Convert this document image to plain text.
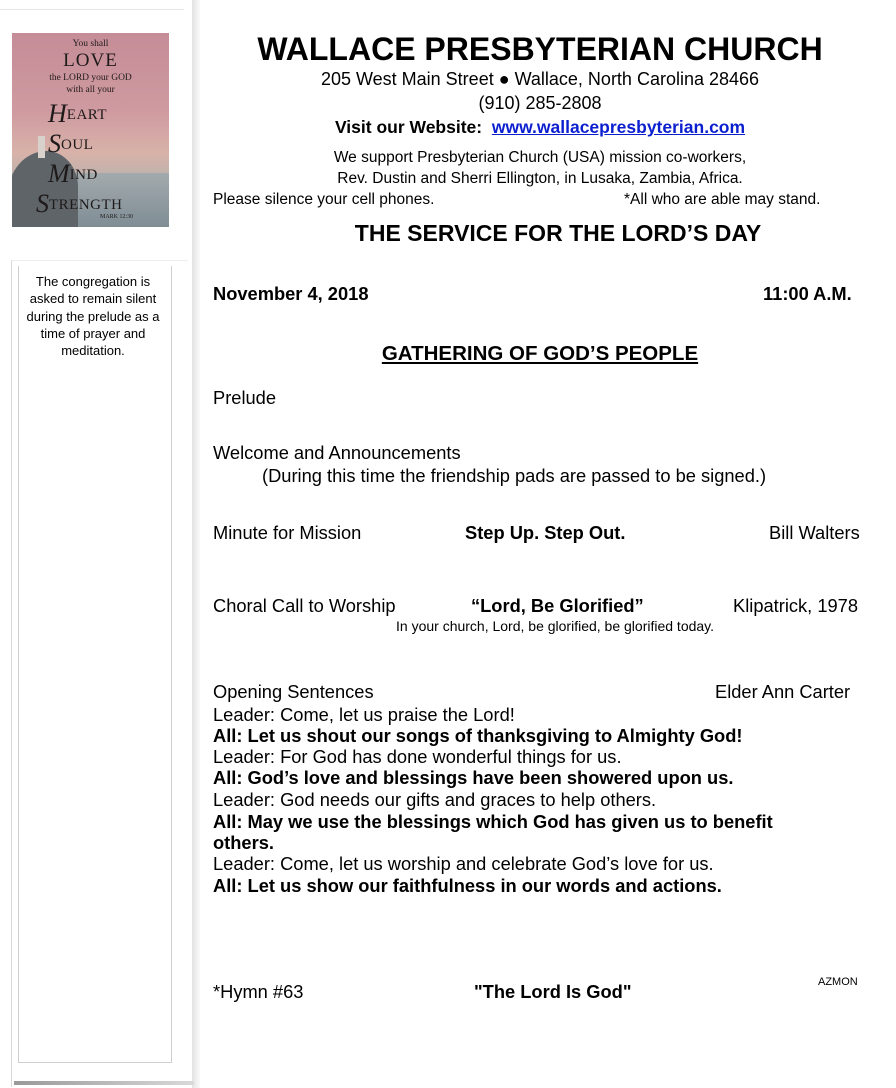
You shall
LOVE
the LORD your GOD
with all your
HEART
SOUL
MIND
STRENGTH
MARK 12:30
The congregation is asked to remain silent during the prelude as a time of prayer and meditation.
WALLACE PRESBYTERIAN CHURCH
205 West Main Street ● Wallace, North Carolina 28466
(910) 285-2808
Visit our Website: www.wallacepresbyterian.com
We support Presbyterian Church (USA) mission co-workers,
Rev. Dustin and Sherri Ellington, in Lusaka, Zambia, Africa.
Please silence your cell phones.	*All who are able may stand.
THE SERVICE FOR THE LORD’S DAY
November 4, 2018	11:00 A.M.
GATHERING OF GOD’S PEOPLE
Prelude
Welcome and Announcements
(During this time the friendship pads are passed to be signed.)
Minute for Mission	Step Up. Step Out.	Bill Walters
Choral Call to Worship	“Lord, Be Glorified”	Klipatrick, 1978
In your church, Lord, be glorified, be glorified today.
Opening Sentences	Elder Ann Carter
Leader: Come, let us praise the Lord!
All: Let us shout our songs of thanksgiving to Almighty God!
Leader: For God has done wonderful things for us.
All: God’s love and blessings have been showered upon us.
Leader: God needs our gifts and graces to help others.
All: May we use the blessings which God has given us to benefit
others.
Leader: Come, let us worship and celebrate God’s love for us.
All: Let us show our faithfulness in our words and actions.
*Hymn #63	"The Lord Is God"	AZMON
